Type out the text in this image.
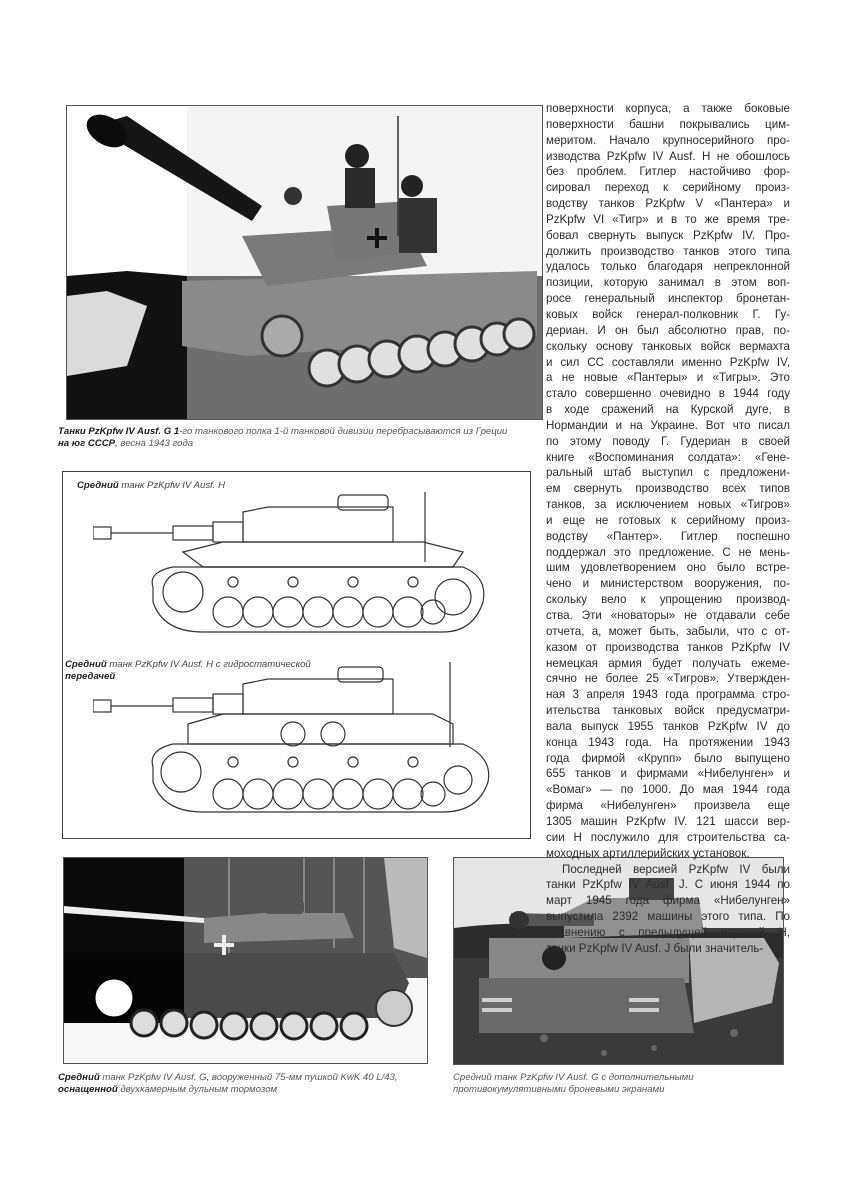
Танки PzKpfw IV Ausf. G 1-го танкового полка 1-й танковой дивизии перебрасываются из Греции
на юг СССР, весна 1943 года
Средний танк PzKpfw IV Ausf. H
Средний танк PzKpfw IV Ausf. H с гидростатической
передачей
Средний танк PzKpfw IV Ausf. G, вооруженный 75-мм пушкой KwK 40 L/43,
оснащенной двухкамерным дульным тормозом
Средний танк PzKpfw IV Ausf. G с дополнительными
противокумулятивными броневыми экранами
поверхности корпуса, а также боковые
поверхности башни покрывались цим-
меритом. Начало крупносерийного про-
изводства PzKpfw IV Ausf. H не обошлось
без проблем. Гитлер настойчиво фор-
сировал переход к серийному произ-
водству танков PzKpfw V «Пантера» и
PzKpfw VI «Тигр» и в то же время тре-
бовал свернуть выпуск PzKpfw IV. Про-
должить производство танков этого типа
удалось только благодаря непреклонной
позиции, которую занимал в этом воп-
росе генеральный инспектор бронетан-
ковых войск генерал-полковник Г. Гу-
дериан. И он был абсолютно прав, по-
скольку основу танковых войск вермахта
и сил СС составляли именно PzKpfw IV,
а не новые «Пантеры» и «Тигры». Это
стало совершенно очевидно в 1944 году
в ходе сражений на Курской дуге, в
Нормандии и на Украине. Вот что писал
по этому поводу Г. Гудериан в своей
книге «Воспоминания солдата»: «Гене-
ральный штаб выступил с предложени-
ем свернуть производство всех типов
танков, за исключением новых «Тигров»
и еще не готовых к серийному произ-
водству «Пантер». Гитлер поспешно
поддержал это предложение. С не мень-
шим удовлетворением оно было встре-
чено и министерством вооружения, по-
скольку вело к упрощению производ-
ства. Эти «новаторы» не отдавали себе
отчета, а, может быть, забыли, что с от-
казом от производства танков PzKpfw IV
немецкая армия будет получать ежеме-
сячно не более 25 «Тигров». Утвержден-
ная 3 апреля 1943 года программа стро-
ительства танковых войск предусматри-
вала выпуск 1955 танков PzKpfw IV до
конца 1943 года. На протяжении 1943
года фирмой «Крупп» было выпущено
655 танков и фирмами «Нибелунген» и
«Вомаг» — по 1000. До мая 1944 года
фирма «Нибелунген» произвела еще
1305 машин PzKpfw IV. 121 шасси вер-
сии H послужило для строительства са-
моходных артиллерийских установок.
Последней версией PzKpfw IV были
танки PzKpfw IV Ausf. J. С июня 1944 по
март 1945 года фирма «Нибелунген»
выпустила 2392 машины этого типа. По
сравнению с предыдущей версией H,
танки PzKpfw IV Ausf. J были значитель-
